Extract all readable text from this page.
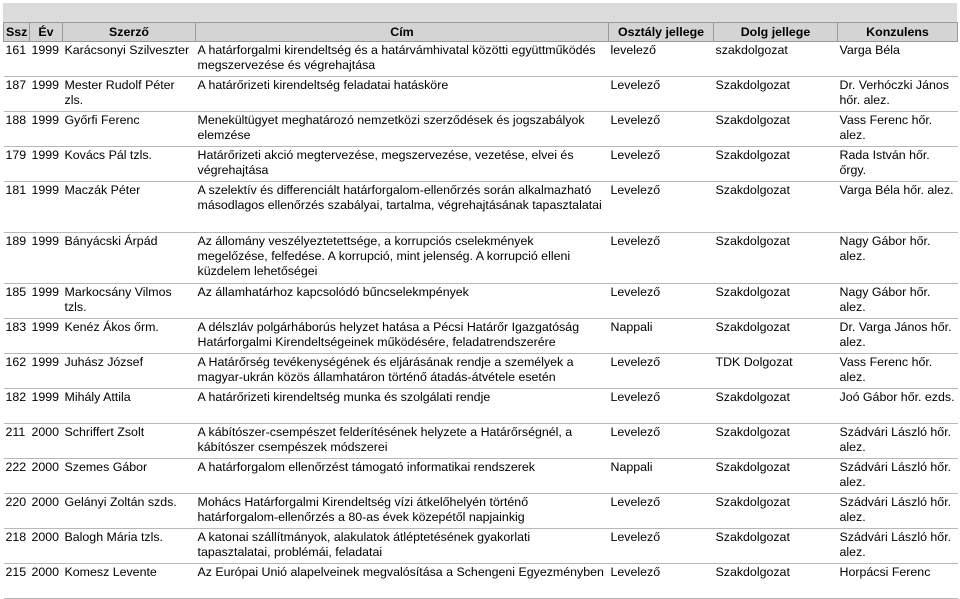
Ssz	Év	Szerző	Cím	Osztály jellege	Dolg jellege	Konzulens
161	1999	Karácsonyi Szilveszter	A határforgalmi kirendeltség és a határvámhivatal közötti együttműködés megszervezése és végrehajtása	levelező	szakdolgozat	Varga Béla
187	1999	Mester Rudolf Péter zls.	A határőrizeti kirendeltség feladatai hatásköre	Levelező	Szakdolgozat	Dr. Verhóczki János hőr. alez.
188	1999	Győrfi Ferenc	Menekültügyet meghatározó nemzetközi szerződések és jogszabályok elemzése	Levelező	Szakdolgozat	Vass Ferenc hőr. alez.
179	1999	Kovács Pál tzls.	Határőrizeti akció megtervezése, megszervezése, vezetése, elvei és végrehajtása	Levelező	Szakdolgozat	Rada István hőr. őrgy.
181	1999	Maczák Péter	A szelektív és differenciált határforgalom-ellenőrzés során alkalmazható másodlagos ellenőrzés szabályai, tartalma, végrehajtásának tapasztalatai	Levelező	Szakdolgozat	Varga Béla hőr. alez.
189	1999	Bányácski Árpád	Az állomány veszélyeztetettsége, a korrupciós cselekmények megelőzése, felfedése. A korrupció, mint jelenség. A korrupció elleni küzdelem lehetőségei	Levelező	Szakdolgozat	Nagy Gábor hőr. alez.
185	1999	Markocsány Vilmos tzls.	Az államhatárhoz kapcsolódó bűncselekmpények	Levelező	Szakdolgozat	Nagy Gábor hőr. alez.
183	1999	Kenéz Ákos őrm.	A délszláv polgárháborús helyzet hatása a Pécsi Határőr Igazgatóság Határforgalmi Kirendeltségeinek működésére, feladatrendszerére	Nappali	Szakdolgozat	Dr. Varga János hőr. alez.
162	1999	Juhász József	A Határőrség tevékenységének és eljárásának rendje a személyek a magyar-ukrán közös államhatáron történő átadás-átvétele esetén	Levelező	TDK Dolgozat	Vass Ferenc hőr. alez.
182	1999	Mihály Attila	A határőrizeti kirendeltség munka és szolgálati rendje	Levelező	Szakdolgozat	Joó Gábor hőr. ezds.
211	2000	Schriffert Zsolt	A kábítószer-csempészet felderítésének helyzete a Határőrségnél, a kábítószer csempészek módszerei	Levelező	Szakdolgozat	Szádvári László hőr. alez.
222	2000	Szemes Gábor	A határforgalom ellenőrzést támogató informatikai rendszerek	Nappali	Szakdolgozat	Szádvári László hőr. alez.
220	2000	Gelányi Zoltán szds.	Mohács Határforgalmi Kirendeltség vízi átkelőhelyén történő határforgalom-ellenőrzés a 80-as évek közepétől napjainkig	Levelező	Szakdolgozat	Szádvári László hőr. alez.
218	2000	Balogh Mária tzls.	A katonai szállítmányok, alakulatok átléptetésének gyakorlati tapasztalatai, problémái, feladatai	Levelező	Szakdolgozat	Szádvári László hőr. alez.
215	2000	Komesz Levente	Az Európai Unió alapelveinek megvalósítása a Schengeni Egyezményben	Levelező	Szakdolgozat	Horpácsi Ferenc
